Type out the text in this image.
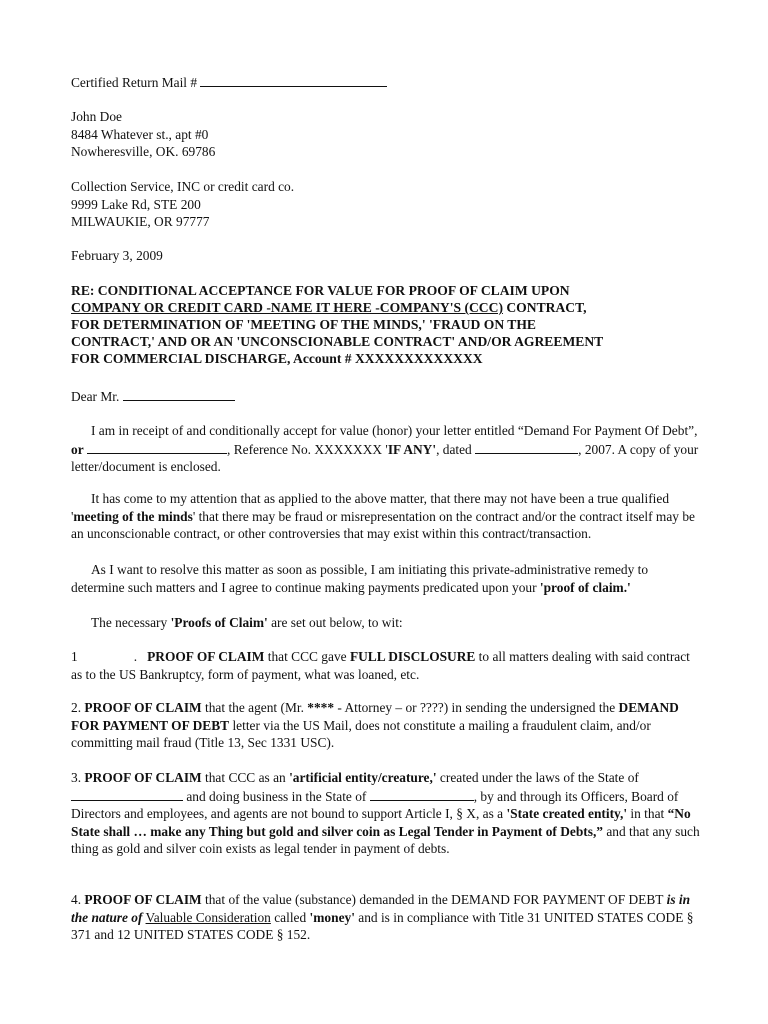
Certified Return Mail #

John Doe

8484 Whatever st., apt #0

Nowheresville, OK. 69786

Collection Service, INC or credit card co.

9999 Lake Rd, STE 200

MILWAUKIE, OR 97777

February 3, 2009
RE: CONDITIONAL ACCEPTANCE FOR VALUE FOR PROOF OF CLAIM UPON
COMPANY OR CREDIT CARD -NAME IT HERE -COMPANY'S (CCC) CONTRACT,
FOR DETERMINATION OF 'MEETING OF THE MINDS,' 'FRAUD ON THE
CONTRACT,' AND OR AN 'UNCONSCIONABLE CONTRACT' AND/OR AGREEMENT
FOR COMMERCIAL DISCHARGE, Account # XXXXXXXXXXXXX
Dear Mr.
I am in receipt of and conditionally accept for value (honor) your letter entitled “Demand For Payment Of Debt”, or	, Reference No. XXXXXXX 'IF ANY', dated	, 2007. A copy of your letter/document is enclosed.
It has come to my attention that as applied to the above matter, that there may not have been a true qualified 'meeting of the minds' that there may be fraud or misrepresentation on the contract and/or the contract itself may be an unconscionable contract, or other controversies that may exist within this contract/transaction.
As I want to resolve this matter as soon as possible, I am initiating this private-administrative remedy to determine such matters and I agree to continue making payments predicated upon your 'proof of claim.'
The necessary 'Proofs of Claim' are set out below, to wit:
1	. PROOF OF CLAIM that CCC gave FULL DISCLOSURE to all matters dealing with said contract as to the US Bankruptcy, form of payment, what was loaned, etc.
2. PROOF OF CLAIM that the agent (Mr. **** - Attorney – or ????) in sending the undersigned the DEMAND FOR PAYMENT OF DEBT letter via the US Mail, does not constitute a mailing a fraudulent claim, and/or committing mail fraud (Title 13, Sec 1331 USC).
3. PROOF OF CLAIM that CCC as an 'artificial entity/creature,' created under the laws of the State of  and doing business in the State of	, by and through its Officers, Board of Directors and employees, and agents are not bound to support Article I, § X, as a 'State created entity,' in that “No State shall … make any Thing but gold and silver coin as Legal Tender in Payment of Debts,” and that any such thing as gold and silver coin exists as legal tender in payment of debts.
4. PROOF OF CLAIM that of the value (substance) demanded in the DEMAND FOR PAYMENT OF DEBT is in the nature of Valuable Consideration called 'money' and is in compliance with Title 31 UNITED STATES CODE § 371 and 12 UNITED STATES CODE § 152.
